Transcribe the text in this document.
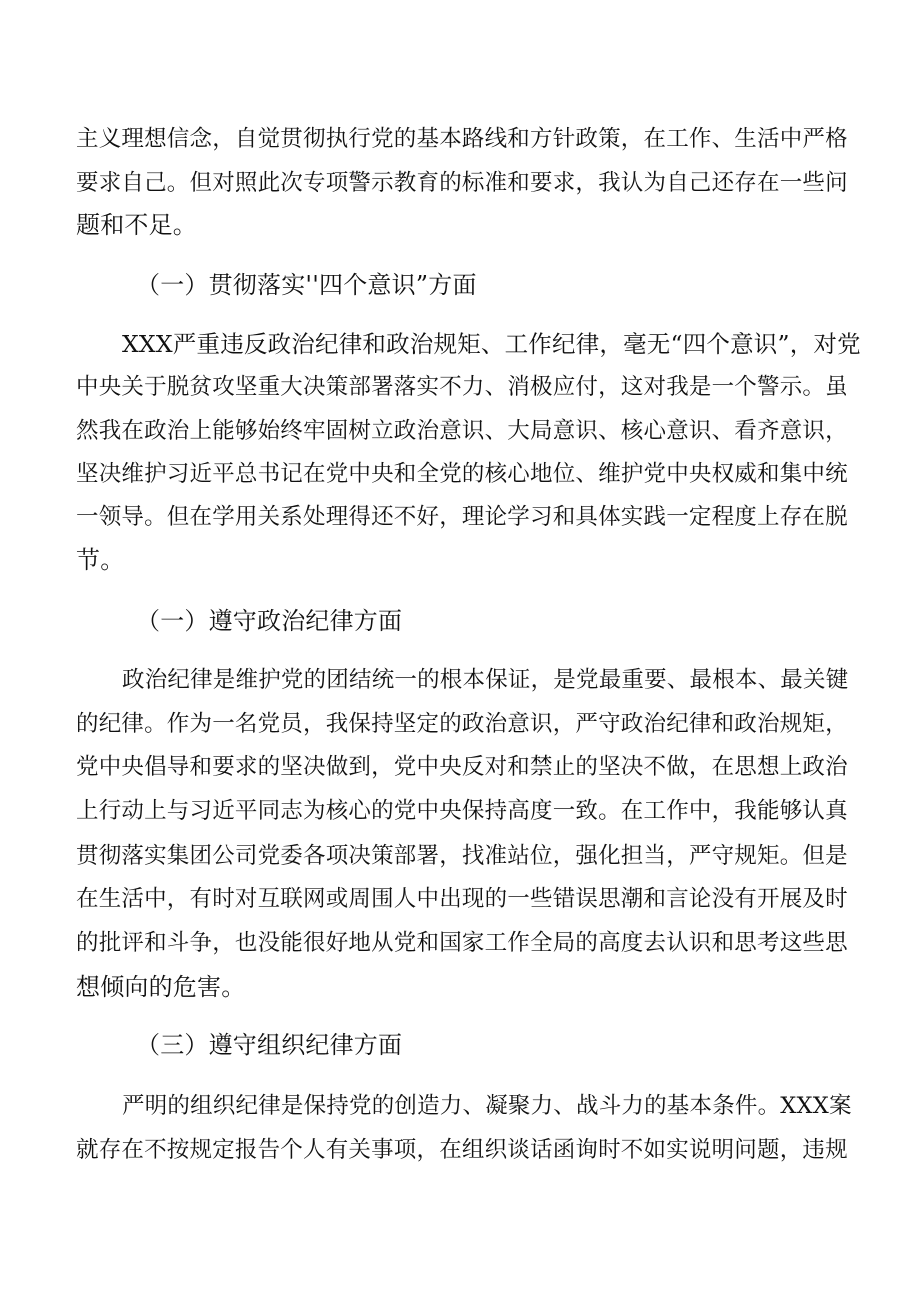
主义理想信念，自觉贯彻执行党的基本路线和方针政策，在工作、生活中严格
要求自己。但对照此次专项警示教育的标准和要求，我认为自己还存在一些问
题和不足。
（一）贯彻落实''四个意识”方面
XXX严重违反政治纪律和政治规矩、工作纪律，毫无“四个意识”，对党
中央关于脱贫攻坚重大决策部署落实不力、消极应付，这对我是一个警示。虽
然我在政治上能够始终牢固树立政治意识、大局意识、核心意识、看齐意识，
坚决维护习近平总书记在党中央和全党的核心地位、维护党中央权威和集中统
一领导。但在学用关系处理得还不好，理论学习和具体实践一定程度上存在脱
节。
（一）遵守政治纪律方面
政治纪律是维护党的团结统一的根本保证，是党最重要、最根本、最关键
的纪律。作为一名党员，我保持坚定的政治意识，严守政治纪律和政治规矩，
党中央倡导和要求的坚决做到，党中央反对和禁止的坚决不做，在思想上政治
上行动上与习近平同志为核心的党中央保持高度一致。在工作中，我能够认真
贯彻落实集团公司党委各项决策部署，找准站位，强化担当，严守规矩。但是
在生活中，有时对互联网或周围人中出现的一些错误思潮和言论没有开展及时
的批评和斗争，也没能很好地从党和国家工作全局的高度去认识和思考这些思
想倾向的危害。
（三）遵守组织纪律方面
严明的组织纪律是保持党的创造力、凝聚力、战斗力的基本条件。XXX案
就存在不按规定报告个人有关事项，在组织谈话函询时不如实说明问题，违规
